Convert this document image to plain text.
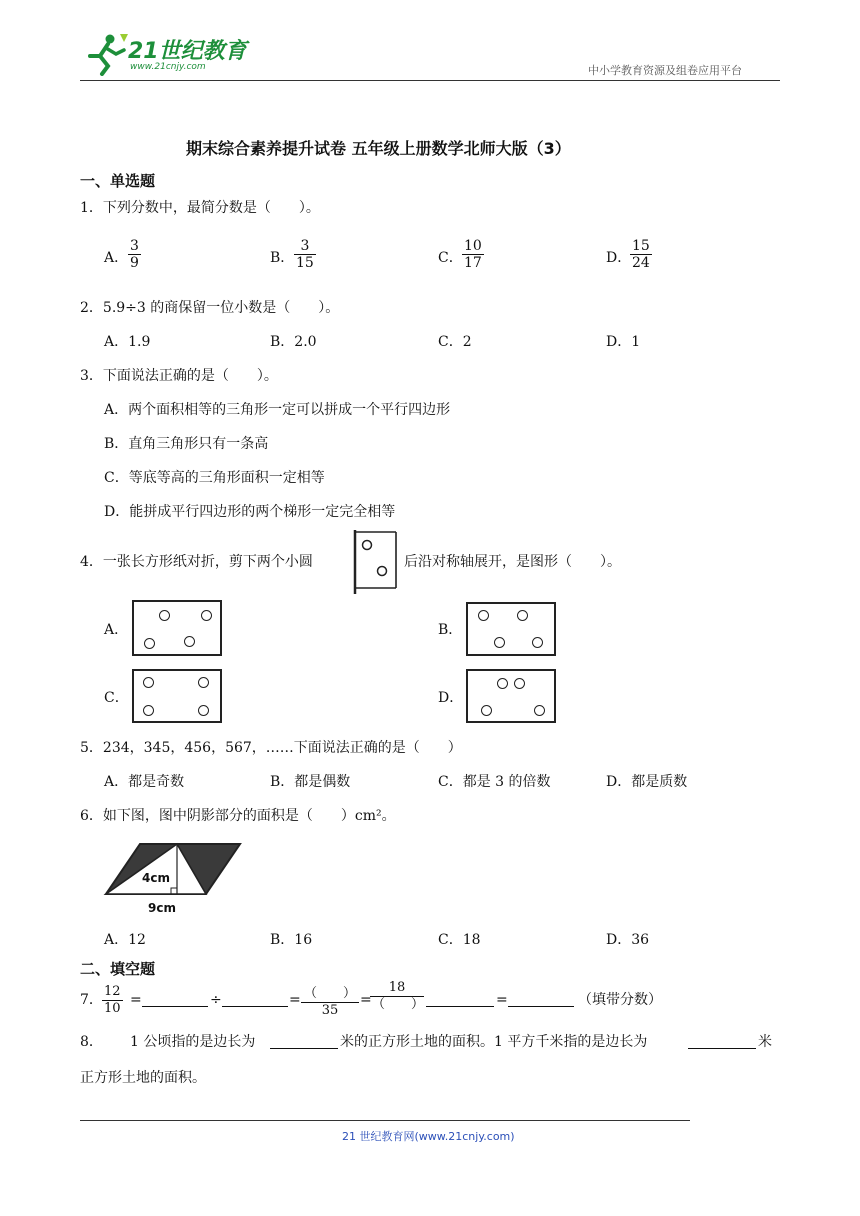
21世纪教育
www.21cnjy.com	中小学教育资源及组卷应用平台
期末综合素养提升试卷 五年级上册数学北师大版（3）
一、单选题
1．下列分数中，最简分数是（　　）。
A． $\frac{3}{9}$	B． $\frac{3}{15}$	C． $\frac{10}{17}$	D．
$\frac{15}{24}$
2．5.9÷3 的商保留一位小数是（　　）。
A．1.9	B．2.0	C．2	D．1
3．下面说法正确的是（　　）。
A．两个面积相等的三角形一定可以拼成一个平行四边形
B．直角三角形只有一条高
C．等底等高的三角形面积一定相等
D．能拼成平行四边形的两个梯形一定完全相等
4．一张长方形纸对折，剪下两个小圆	后沿对称轴展开，是图形（　　）。
A．	B．
C．	D．
5．234，345，456，567，……下面说法正确的是（　　）
A．都是奇数	B．都是偶数	C．都是 3 的倍数	D．都是质数
6．如下图，图中阴影部分的面积是（　　）cm²。
4cm
9cm
A．12	B．16	C．18	D．36
二、填空题
7． $\frac{12}{10}$ =	÷	= （　　）
35
=
18
（　　）	=	（填带分数）
8． 1 公顷指的是边长为	米的正方形土地的面积。1 平方千米指的是边长为	米
正方形土地的面积。
21 世纪教育网(www.21cnjy.com)
